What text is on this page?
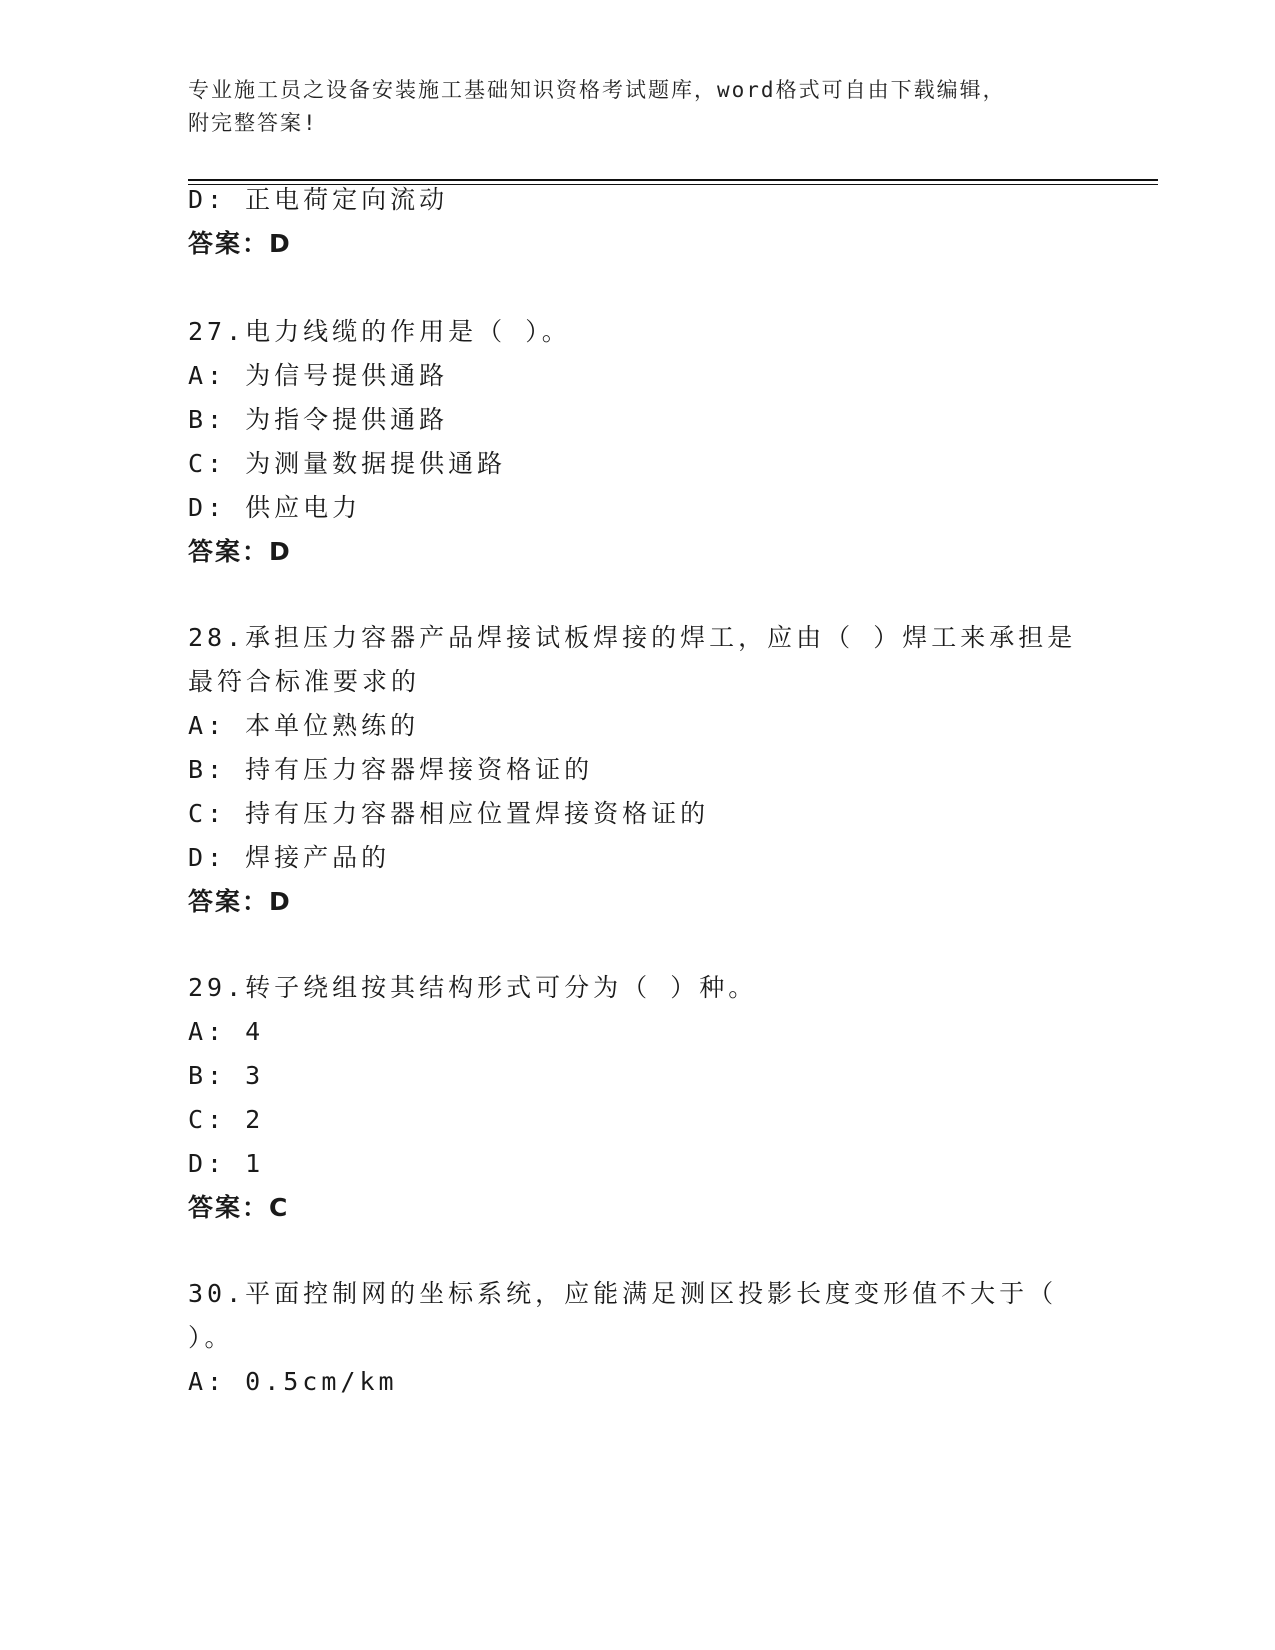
专业施工员之设备安装施工基础知识资格考试题库，word格式可自由下载编辑，
附完整答案!
D: 正电荷定向流动
答案：D
27.电力线缆的作用是（ ）。
A: 为信号提供通路
B: 为指令提供通路
C: 为测量数据提供通路
D: 供应电力
答案：D
28.承担压力容器产品焊接试板焊接的焊工，应由（ ）焊工来承担是
最符合标准要求的
A: 本单位熟练的
B: 持有压力容器焊接资格证的
C: 持有压力容器相应位置焊接资格证的
D: 焊接产品的
答案：D
29.转子绕组按其结构形式可分为（ ）种。
A: 4
B: 3
C: 2
D: 1
答案：C
30.平面控制网的坐标系统，应能满足测区投影长度变形值不大于（
）。
A: 0.5cm/km
